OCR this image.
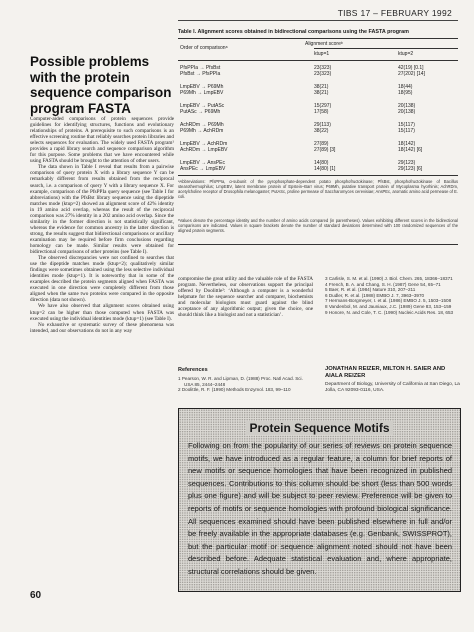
TIBS 17 – FEBRUARY 1992
Possible problems with the protein sequence comparison program FASTA

Computer-aided comparisons of protein sequences provide guidelines for identifying structures, functions and evolutionary relationships of proteins. A prerequisite to such comparisons is an effective screening routine that reliably searches protein libraries and selects sequences for evaluation. The widely used FASTA program¹ provides a rapid library search and sequence comparison algorithm for this purpose. Some problems that we have encountered while using FASTA should be brought to the attention of other users.

The data shown in Table I reveal that results from a pairwise comparison of query protein X with a library sequence Y can be remarkably different from results obtained from the reciprocal search, i.e. a comparison of query Y with a library sequence X. For example, comparison of the PfsPPIa query sequence (see Table I for abbreviations) with the PfsBst library sequence using the dipeptide matches mode (ktup=2) showed an alignment score of 42% identity in 19 amino acid overlap, whereas the result of the reciprocal comparison was 27% identity in a 202 amino acid overlap. Since the similarity in the former direction is not statistically significant, whereas the evidence for common ancestry in the latter direction is strong, the results suggest that bidirectional comparisons or ancillary examination may be required before firm conclusions regarding homology can be made. Similar results were obtained for bidirectional comparisons of other proteins (see Table I).

The observed discrepancies were not confined to searches that use the dipeptide matches mode (ktup=2); qualitatively similar findings were sometimes obtained using the less selective individual identities mode (ktup=1). It is noteworthy that in some of the examples described the protein segments aligned when FASTA was executed in one direction were completely different from those aligned when the same two proteins were compared in the opposite direction (data not shown).

We have also observed that alignment scores obtained using ktup=2 can be higher than those computed when FASTA was executed using the individual identities mode (ktup=1) (see Table I).

No exhaustive or systematic survey of these phenomena was intended, and our observations do not in any way

60
Table I. Alignment scores obtained in bidirectional comparisons using the FASTA program
Alignment scoreᵇ
Order of comparisonᵃ
ktup=1	ktup=2
PfsPPIa → PfsBst	23(323)	42(19) [0.1]
PfsBst → PfsPPIa	23(323)	27(202) [14]
LmpEBV → P69Mh	38(21)	18(44)
P69Mh → LmpEBV	38(21)	18(95)
LmpEBV → PutASc	15(297)	20(138)
PutASc → P69Mh	17(58)	20(138)
AchRDm → P69Mh	29(113)	15(117)
P69Mh → AchRDm	38(22)	15(117)
LmpEBV → AchRDm	27(89)	18(142)
AchRDm → LmpEBV	27(89) [3]	18(142) [6]
LmpEBV → AnsPEc	14(80)	29(123)
AnsPEc → LmpEBV	14(80) [1]	29(123) [6]
ᵃAbbreviations: PfsPPIa, α-subunit of the pyrophosphate-dependent potato phosphofructokinase; PfsBst, phosphofructokinase of Bacillus stearothermophilus; LmpEBV, latent membrane protein of Epstein–Barr virus; P69Mh, putative transport protein of Mycoplasma hyorhinis; AchRDm, acetylcholine receptor of Drosophila melanogaster; PutASc, proline permease of Saccharomyces cerevisiae; AnsPEc, aromatic amino acid permease of E. coli.
ᵇValues denote the percentage identity and the number of amino acids compared (in parentheses). Values exhibiting different scores in the bidirectional comparisons are indicated. Values in square brackets denote the number of standard deviations determined with 100 randomized sequences of the aligned protein segments.

compromise the great utility and the valuable role of the FASTA program. Nevertheless, our observations support the principal offered by Doolittle²: ‘Although a computer is a wonderful helpmate for the sequence searcher and comparer, biochemists and molecular biologists must guard against the blind acceptance of any algorithmic output; given the choice, one should think like a biologist and not a statistician’.

References
1 Pearson, W. R. and Lipman, D. (1988) Proc. Natl Acad. Sci. USA 85, 2444–2448
2 Doolittle, R. F. (1990) Methods Enzymol. 183, 99–110
3 Carlisle, S. M. et al. (1990) J. Biol. Chem. 265, 18366–18371
4 French, B. A. and Chang, S. H. (1987) Gene 54, 65–71
5 Baer, R. et al. (1984) Nature 310, 207–211
6 Dudler, R. et al. (1988) EMBO J. 7, 3963–3970
7 Hermans-Borgmeyer, I. et al. (1986) EMBO J. 5, 1503–1508
8 Vandenbol, M. and Jauniaux, J.C. (1989) Gene 83, 153–159
9 Honore, N. and Cole, T. C. (1990) Nucleic Acids Res. 18, 653
JONATHAN REIZER, MILTON H. SAIER AND AIALA REIZER
Department of Biology, University of California at San Diego, La Jolla, CA 92093-0116, USA.
Protein Sequence Motifs
Following on from the popularity of our series of reviews on protein sequence motifs, we have introduced as a regular feature, a column for brief reports of new motifs or sequence homologies that have been recognized in published sequences. Contributions to this column should be short (less than 500 words plus one figure) and will be subject to peer review. Preference will be given to reports of motifs or sequence homologies with profound biological significance. All sequences examined should have been published elsewhere in full and/or be freely available in the appropriate databases (e.g. Genbank, SWISSPROT), but the particular motif or sequence alignment noted should not have been described before. Adequate statistical evaluation and, where appropriate, structural correlations should be given.
